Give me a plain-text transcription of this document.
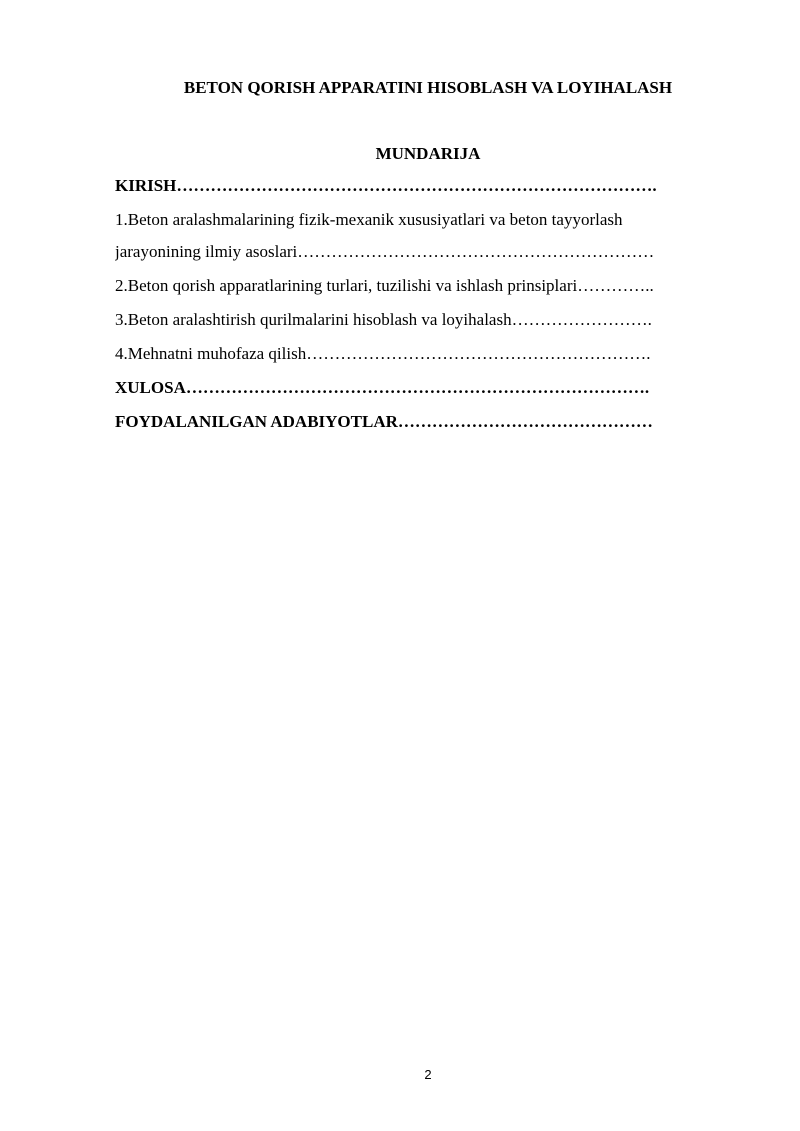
BETON QORISH APPARATINI HISOBLASH VA LOYIHALASH
MUNDARIJA
KIRISH………………………………………………………………………….
1.Beton aralashmalarining fizik-mexanik xususiyatlari va beton tayyorlash
jarayonining ilmiy asoslari………………………………………………………
2.Beton qorish apparatlarining turlari, tuzilishi va ishlash prinsiplari…………..
3.Beton aralashtirish qurilmalarini hisoblash va loyihalash…………………….
4.Mehnatni muhofaza qilish…………………………………………………….
XULOSA……………………………………………………………………….
FOYDALANILGAN ADABIYOTLAR………………………………………
2
